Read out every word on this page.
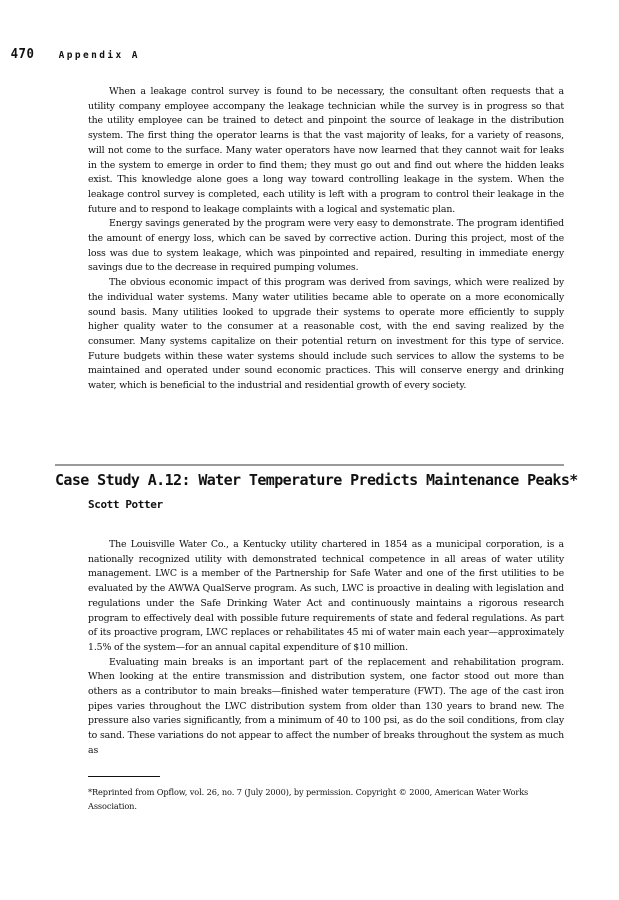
470	Appendix A

When a leakage control survey is found to be necessary, the consultant often requests that a utility company employee accompany the leakage technician while the survey is in progress so that the utility employee can be trained to detect and pinpoint the source of leakage in the distribution system. The first thing the operator learns is that the vast majority of leaks, for a variety of reasons, will not come to the surface. Many water operators have now learned that they cannot wait for leaks in the system to emerge in order to find them; they must go out and find out where the hidden leaks exist. This knowledge alone goes a long way toward controlling leakage in the system. When the leakage control survey is completed, each utility is left with a program to control their leakage in the future and to respond to leakage complaints with a logical and systematic plan.

Energy savings generated by the program were very easy to demonstrate. The program identified the amount of energy loss, which can be saved by corrective action. During this project, most of the loss was due to system leakage, which was pinpointed and repaired, resulting in immediate energy savings due to the decrease in required pumping volumes.

The obvious economic impact of this program was derived from savings, which were realized by the individual water systems. Many water utilities became able to operate on a more economically sound basis. Many utilities looked to upgrade their systems to operate more efficiently to supply higher quality water to the consumer at a reasonable cost, with the end saving realized by the consumer. Many systems capitalize on their potential return on investment for this type of service. Future budgets within these water systems should include such services to allow the systems to be maintained and operated under sound economic practices. This will conserve energy and drinking water, which is beneficial to the industrial and residential growth of every society.

Case Study A.12: Water Temperature Predicts Maintenance Peaks*
Scott Potter

The Louisville Water Co., a Kentucky utility chartered in 1854 as a municipal corporation, is a nationally recognized utility with demonstrated technical competence in all areas of water utility management. LWC is a member of the Partnership for Safe Water and one of the first utilities to be evaluated by the AWWA QualServe program. As such, LWC is proactive in dealing with legislation and regulations under the Safe Drinking Water Act and continuously maintains a rigorous research program to effectively deal with possible future requirements of state and federal regulations. As part of its proactive program, LWC replaces or rehabilitates 45 mi of water main each year—approximately 1.5% of the system—for an annual capital expenditure of $10 million.

Evaluating main breaks is an important part of the replacement and rehabilitation program. When looking at the entire transmission and distribution system, one factor stood out more than others as a contributor to main breaks—finished water temperature (FWT). The age of the cast iron pipes varies throughout the LWC distribution system from older than 130 years to brand new. The pressure also varies significantly, from a minimum of 40 to 100 psi, as do the soil conditions, from clay to sand. These variations do not appear to affect the number of breaks throughout the system as much as

*Reprinted from Opflow, vol. 26, no. 7 (July 2000), by permission. Copyright © 2000, American Water Works Association.
